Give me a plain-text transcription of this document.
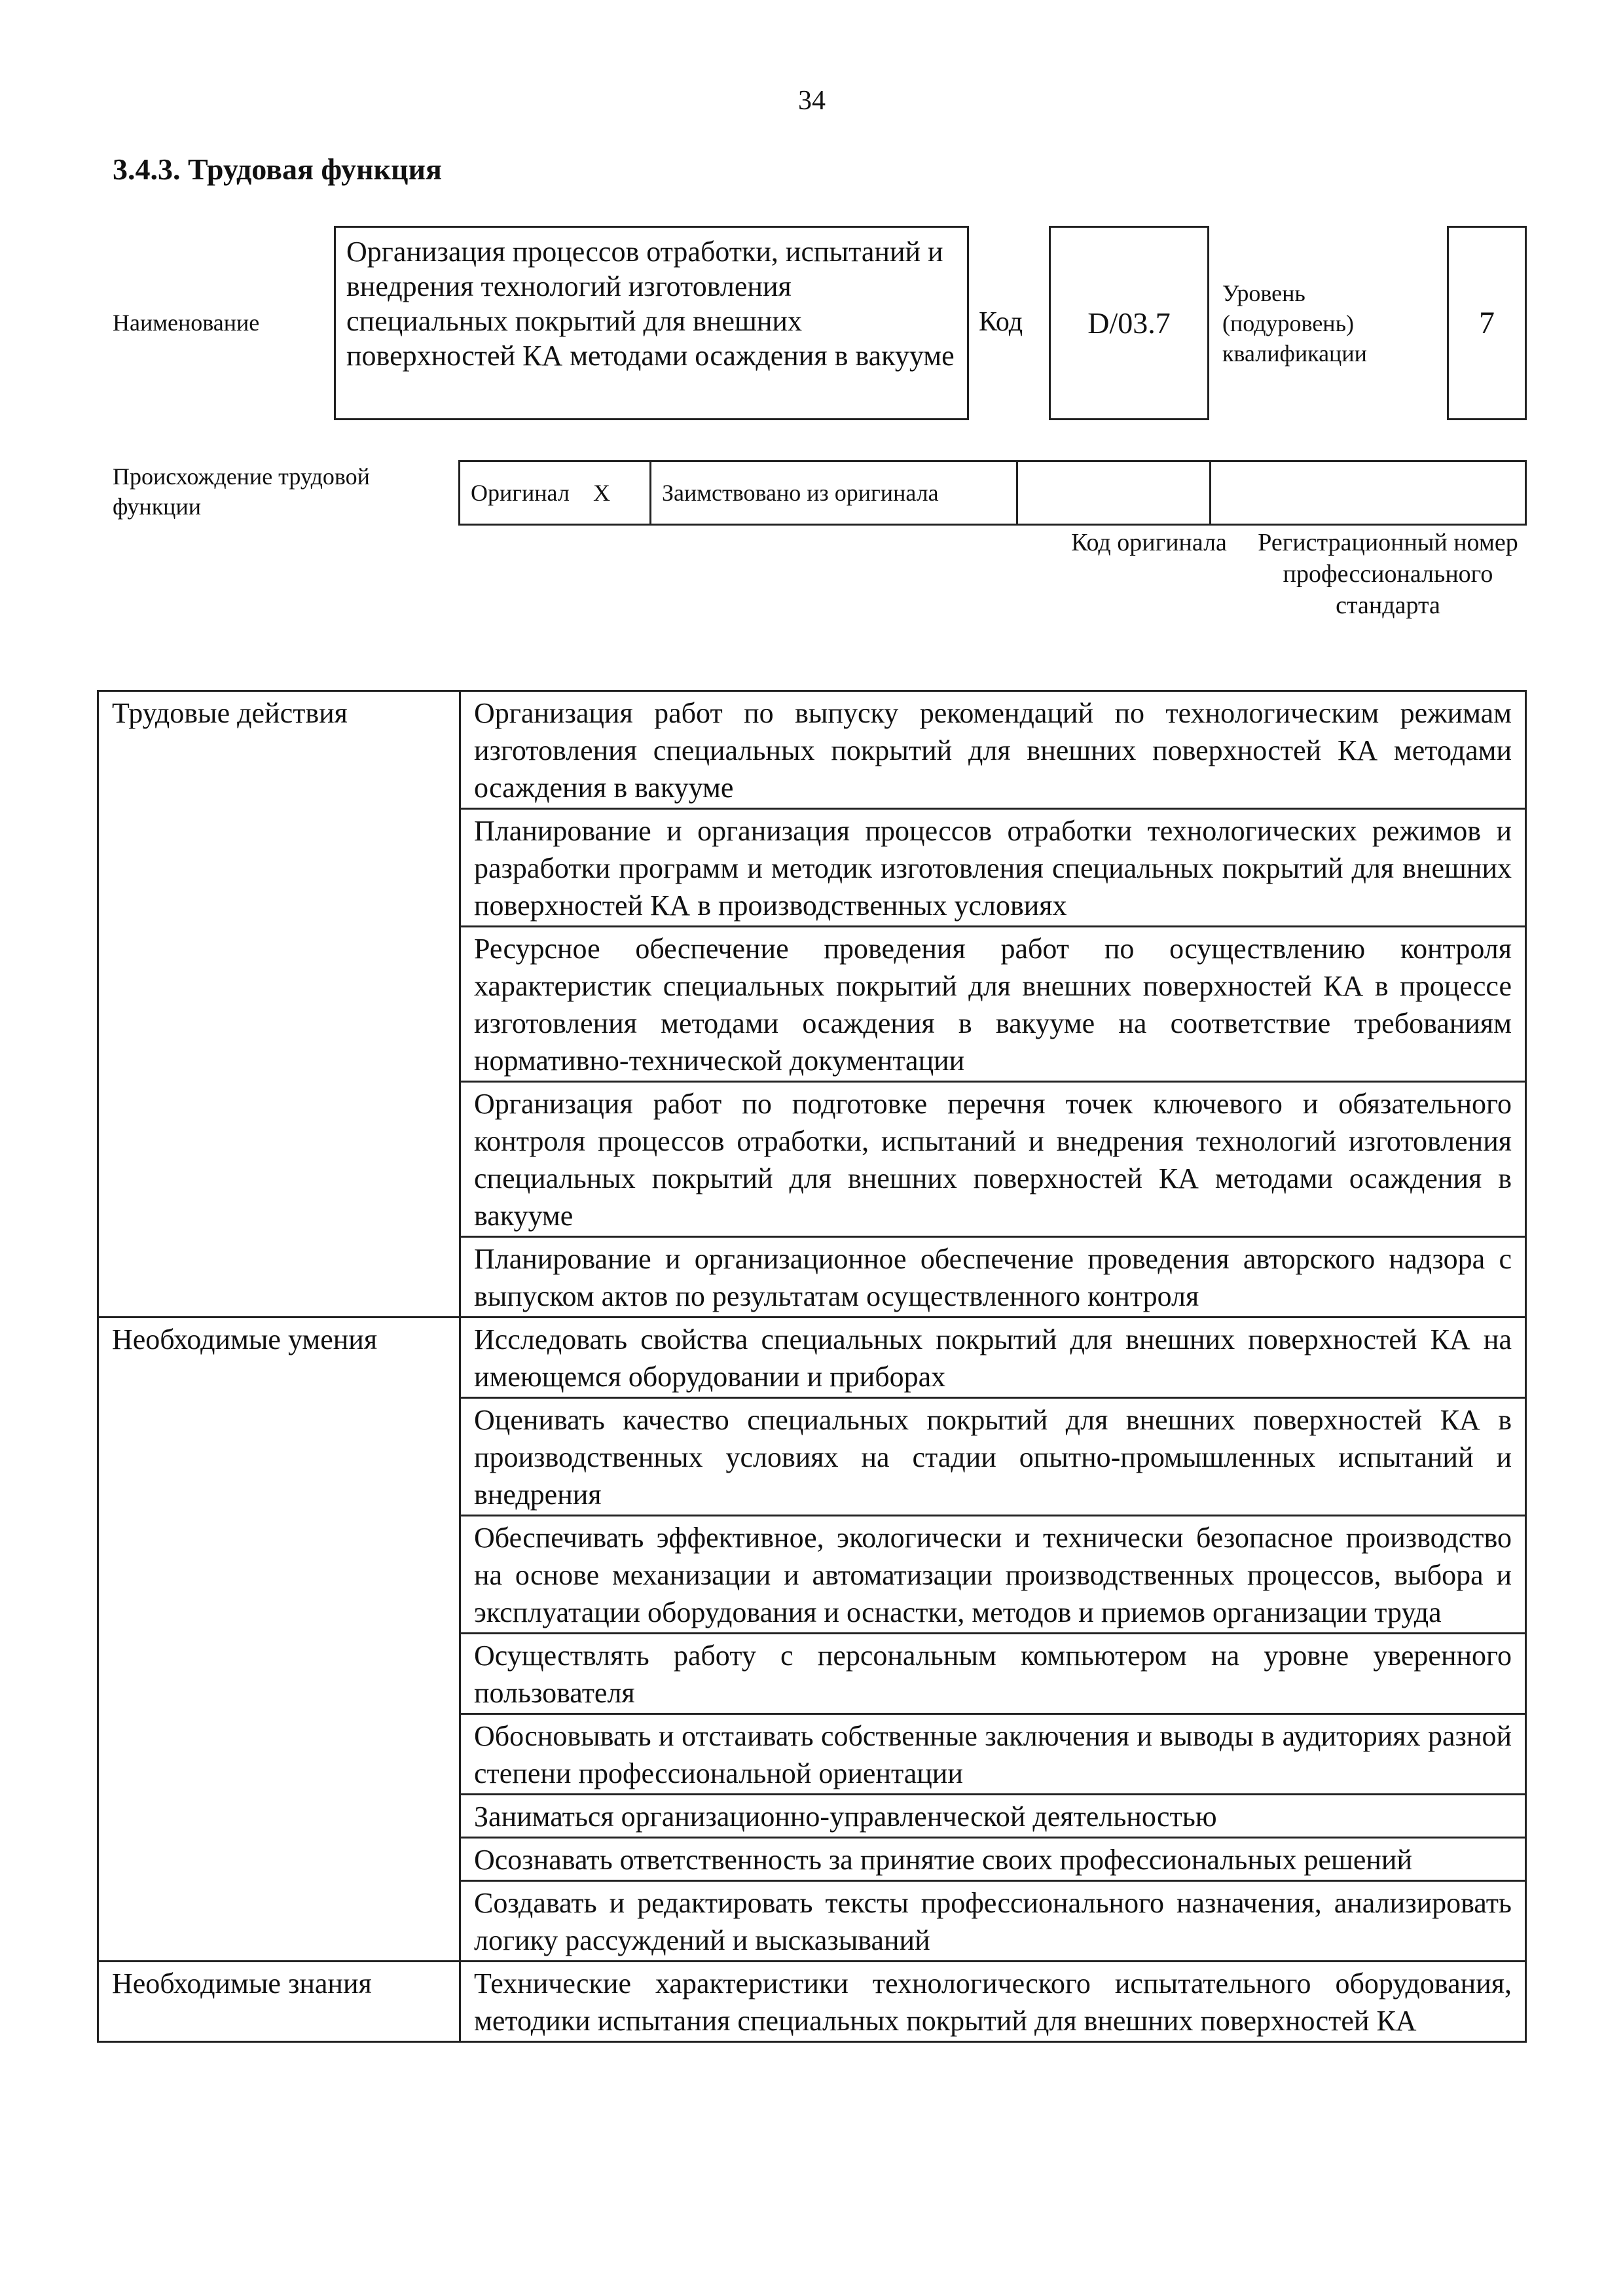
34
3.4.3. Трудовая функция
Наименование
Организация процессов отработки, испытаний и внедрения технологий изготовления специальных покрытий для внешних поверхностей КА методами осаждения в вакууме
Код	D/03.7
Уровень (подуровень) квалификации
7
Происхождение трудовой функции
Оригинал	X	Заимствовано из оригинала		
Код оригинала	Регистрационный номер профессионального стандарта
Трудовые действия	Организация работ по выпуску рекомендаций по технологическим режимам изготовления специальных покрытий для внешних поверхностей КА методами осаждения в вакууме
	Планирование и организация процессов отработки технологических режимов и разработки программ и методик изготовления специальных покрытий для внешних поверхностей КА в производственных условиях
	Ресурсное обеспечение проведения работ по осуществлению контроля характеристик специальных покрытий для внешних поверхностей КА в процессе изготовления методами осаждения в вакууме на соответствие требованиям нормативно-технической документации
	Организация работ по подготовке перечня точек ключевого и обязательного контроля процессов отработки, испытаний и внедрения технологий изготовления специальных покрытий для внешних поверхностей КА методами осаждения в вакууме
	Планирование и организационное обеспечение проведения авторского надзора с выпуском актов по результатам осуществленного контроля
Необходимые умения	Исследовать свойства специальных покрытий для внешних поверхностей КА на имеющемся оборудовании и приборах
	Оценивать качество специальных покрытий для внешних поверхностей КА в производственных условиях на стадии опытно-промышленных испытаний и внедрения
	Обеспечивать эффективное, экологически и технически безопасное производство на основе механизации и автоматизации производственных процессов, выбора и эксплуатации оборудования и оснастки, методов и приемов организации труда
	Осуществлять работу с персональным компьютером на уровне уверенного пользователя
	Обосновывать и отстаивать собственные заключения и выводы в аудиториях разной степени профессиональной ориентации
	Заниматься организационно-управленческой деятельностью
	Осознавать ответственность за принятие своих профессиональных решений
	Создавать и редактировать тексты профессионального назначения, анализировать логику рассуждений и высказываний
Необходимые знания	Технические характеристики технологического испытательного оборудования, методики испытания специальных покрытий для внешних поверхностей КА
